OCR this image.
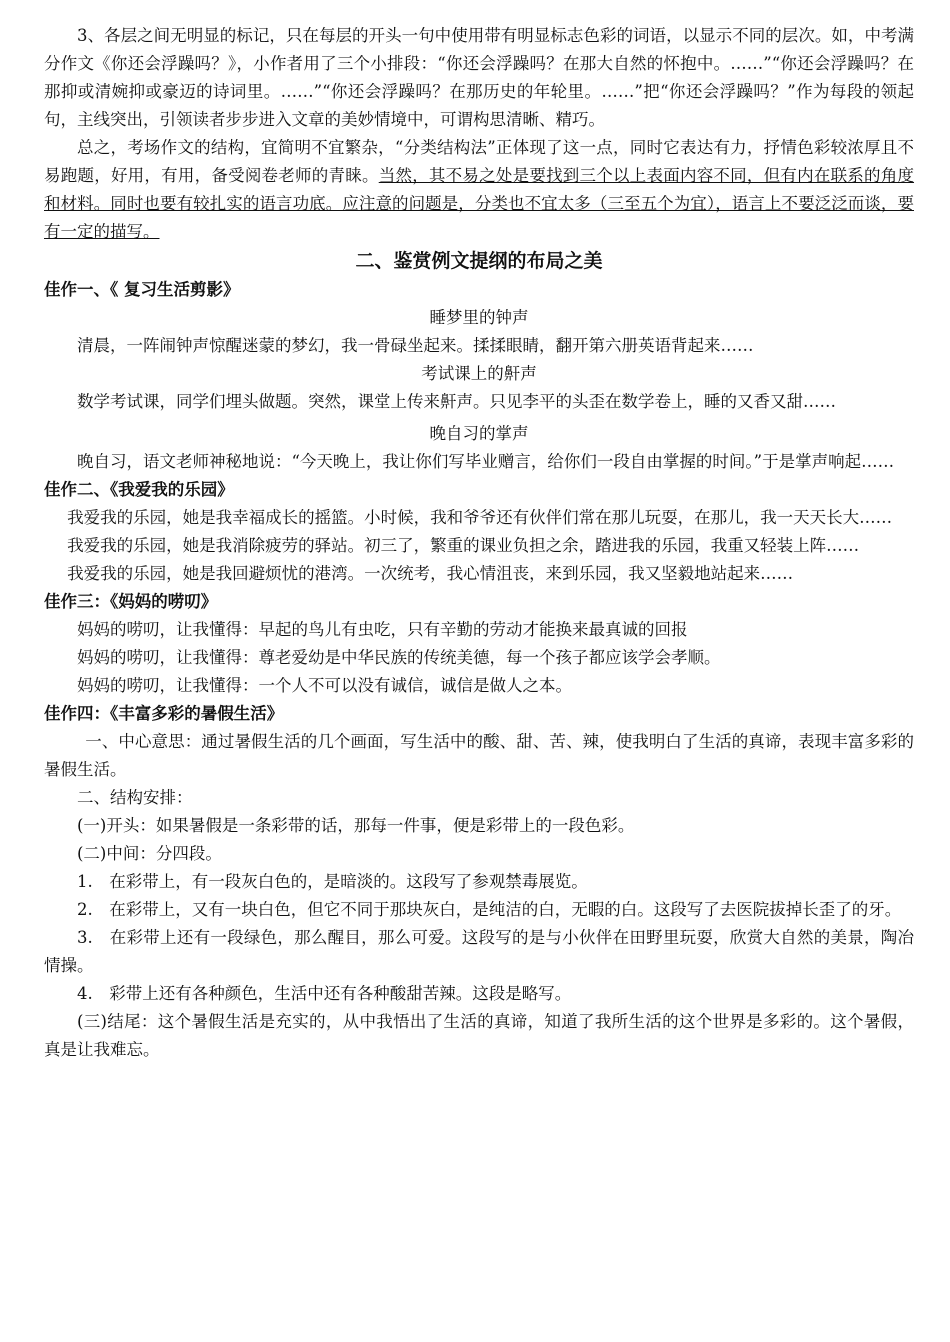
3、各层之间无明显的标记，只在每层的开头一句中使用带有明显标志色彩的词语，以显示不同的层次。如，中考满分作文《你还会浮躁吗？》，小作者用了三个小排段：“你还会浮躁吗？在那大自然的怀抱中。……”“你还会浮躁吗？在那抑或清婉抑或豪迈的诗词里。……”“你还会浮躁吗？在那历史的年轮里。……”把“你还会浮躁吗？”作为每段的领起句，主线突出，引领读者步步进入文章的美妙情境中，可谓构思清晰、精巧。

总之，考场作文的结构，宜简明不宜繁杂，“分类结构法”正体现了这一点，同时它表达有力，抒情色彩较浓厚且不易跑题，好用，有用，备受阅卷老师的青睐。当然，其不易之处是要找到三个以上表面内容不同，但有内在联系的角度和材料。同时也要有较扎实的语言功底。应注意的问题是，分类也不宜太多（三至五个为宜），语言上不要泛泛而谈，要有一定的描写。

二、鉴赏例文提纲的布局之美

佳作一、《 复习生活剪影》

睡梦里的钟声

清晨，一阵闹钟声惊醒迷蒙的梦幻，我一骨碌坐起来。揉揉眼睛，翻开第六册英语背起来……

考试课上的鼾声

数学考试课，同学们埋头做题。突然，课堂上传来鼾声。只见李平的头歪在数学卷上，睡的又香又甜……

晚自习的掌声

晚自习，语文老师神秘地说：“今天晚上，我让你们写毕业赠言，给你们一段自由掌握的时间。”于是掌声响起……

佳作二、《我爱我的乐园》

我爱我的乐园，她是我幸福成长的摇篮。小时候，我和爷爷还有伙伴们常在那儿玩耍，在那儿，我一天天长大……

我爱我的乐园，她是我消除疲劳的驿站。初三了，繁重的课业负担之余，踏进我的乐园，我重又轻装上阵……

我爱我的乐园，她是我回避烦忧的港湾。一次统考，我心情沮丧，来到乐园，我又坚毅地站起来……

佳作三：《妈妈的唠叨》

妈妈的唠叨，让我懂得：早起的鸟儿有虫吃，只有辛勤的劳动才能换来最真诚的回报

妈妈的唠叨，让我懂得：尊老爱幼是中华民族的传统美德，每一个孩子都应该学会孝顺。

妈妈的唠叨，让我懂得：一个人不可以没有诚信，诚信是做人之本。

佳作四：《丰富多彩的暑假生活》

一、中心意思：通过暑假生活的几个画面，写生活中的酸、甜、苦、辣，使我明白了生活的真谛，表现丰富多彩的暑假生活。

二、结构安排：

(一)开头：如果暑假是一条彩带的话，那每一件事，便是彩带上的一段色彩。

(二)中间：分四段。

1.　在彩带上，有一段灰白色的，是暗淡的。这段写了参观禁毒展览。

2.　在彩带上，又有一块白色，但它不同于那块灰白，是纯洁的白，无暇的白。这段写了去医院拔掉长歪了的牙。

3.　在彩带上还有一段绿色，那么醒目，那么可爱。这段写的是与小伙伴在田野里玩耍，欣赏大自然的美景，陶冶情操。

4.　彩带上还有各种颜色，生活中还有各种酸甜苦辣。这段是略写。

(三)结尾：这个暑假生活是充实的，从中我悟出了生活的真谛，知道了我所生活的这个世界是多彩的。这个暑假，真是让我难忘。
